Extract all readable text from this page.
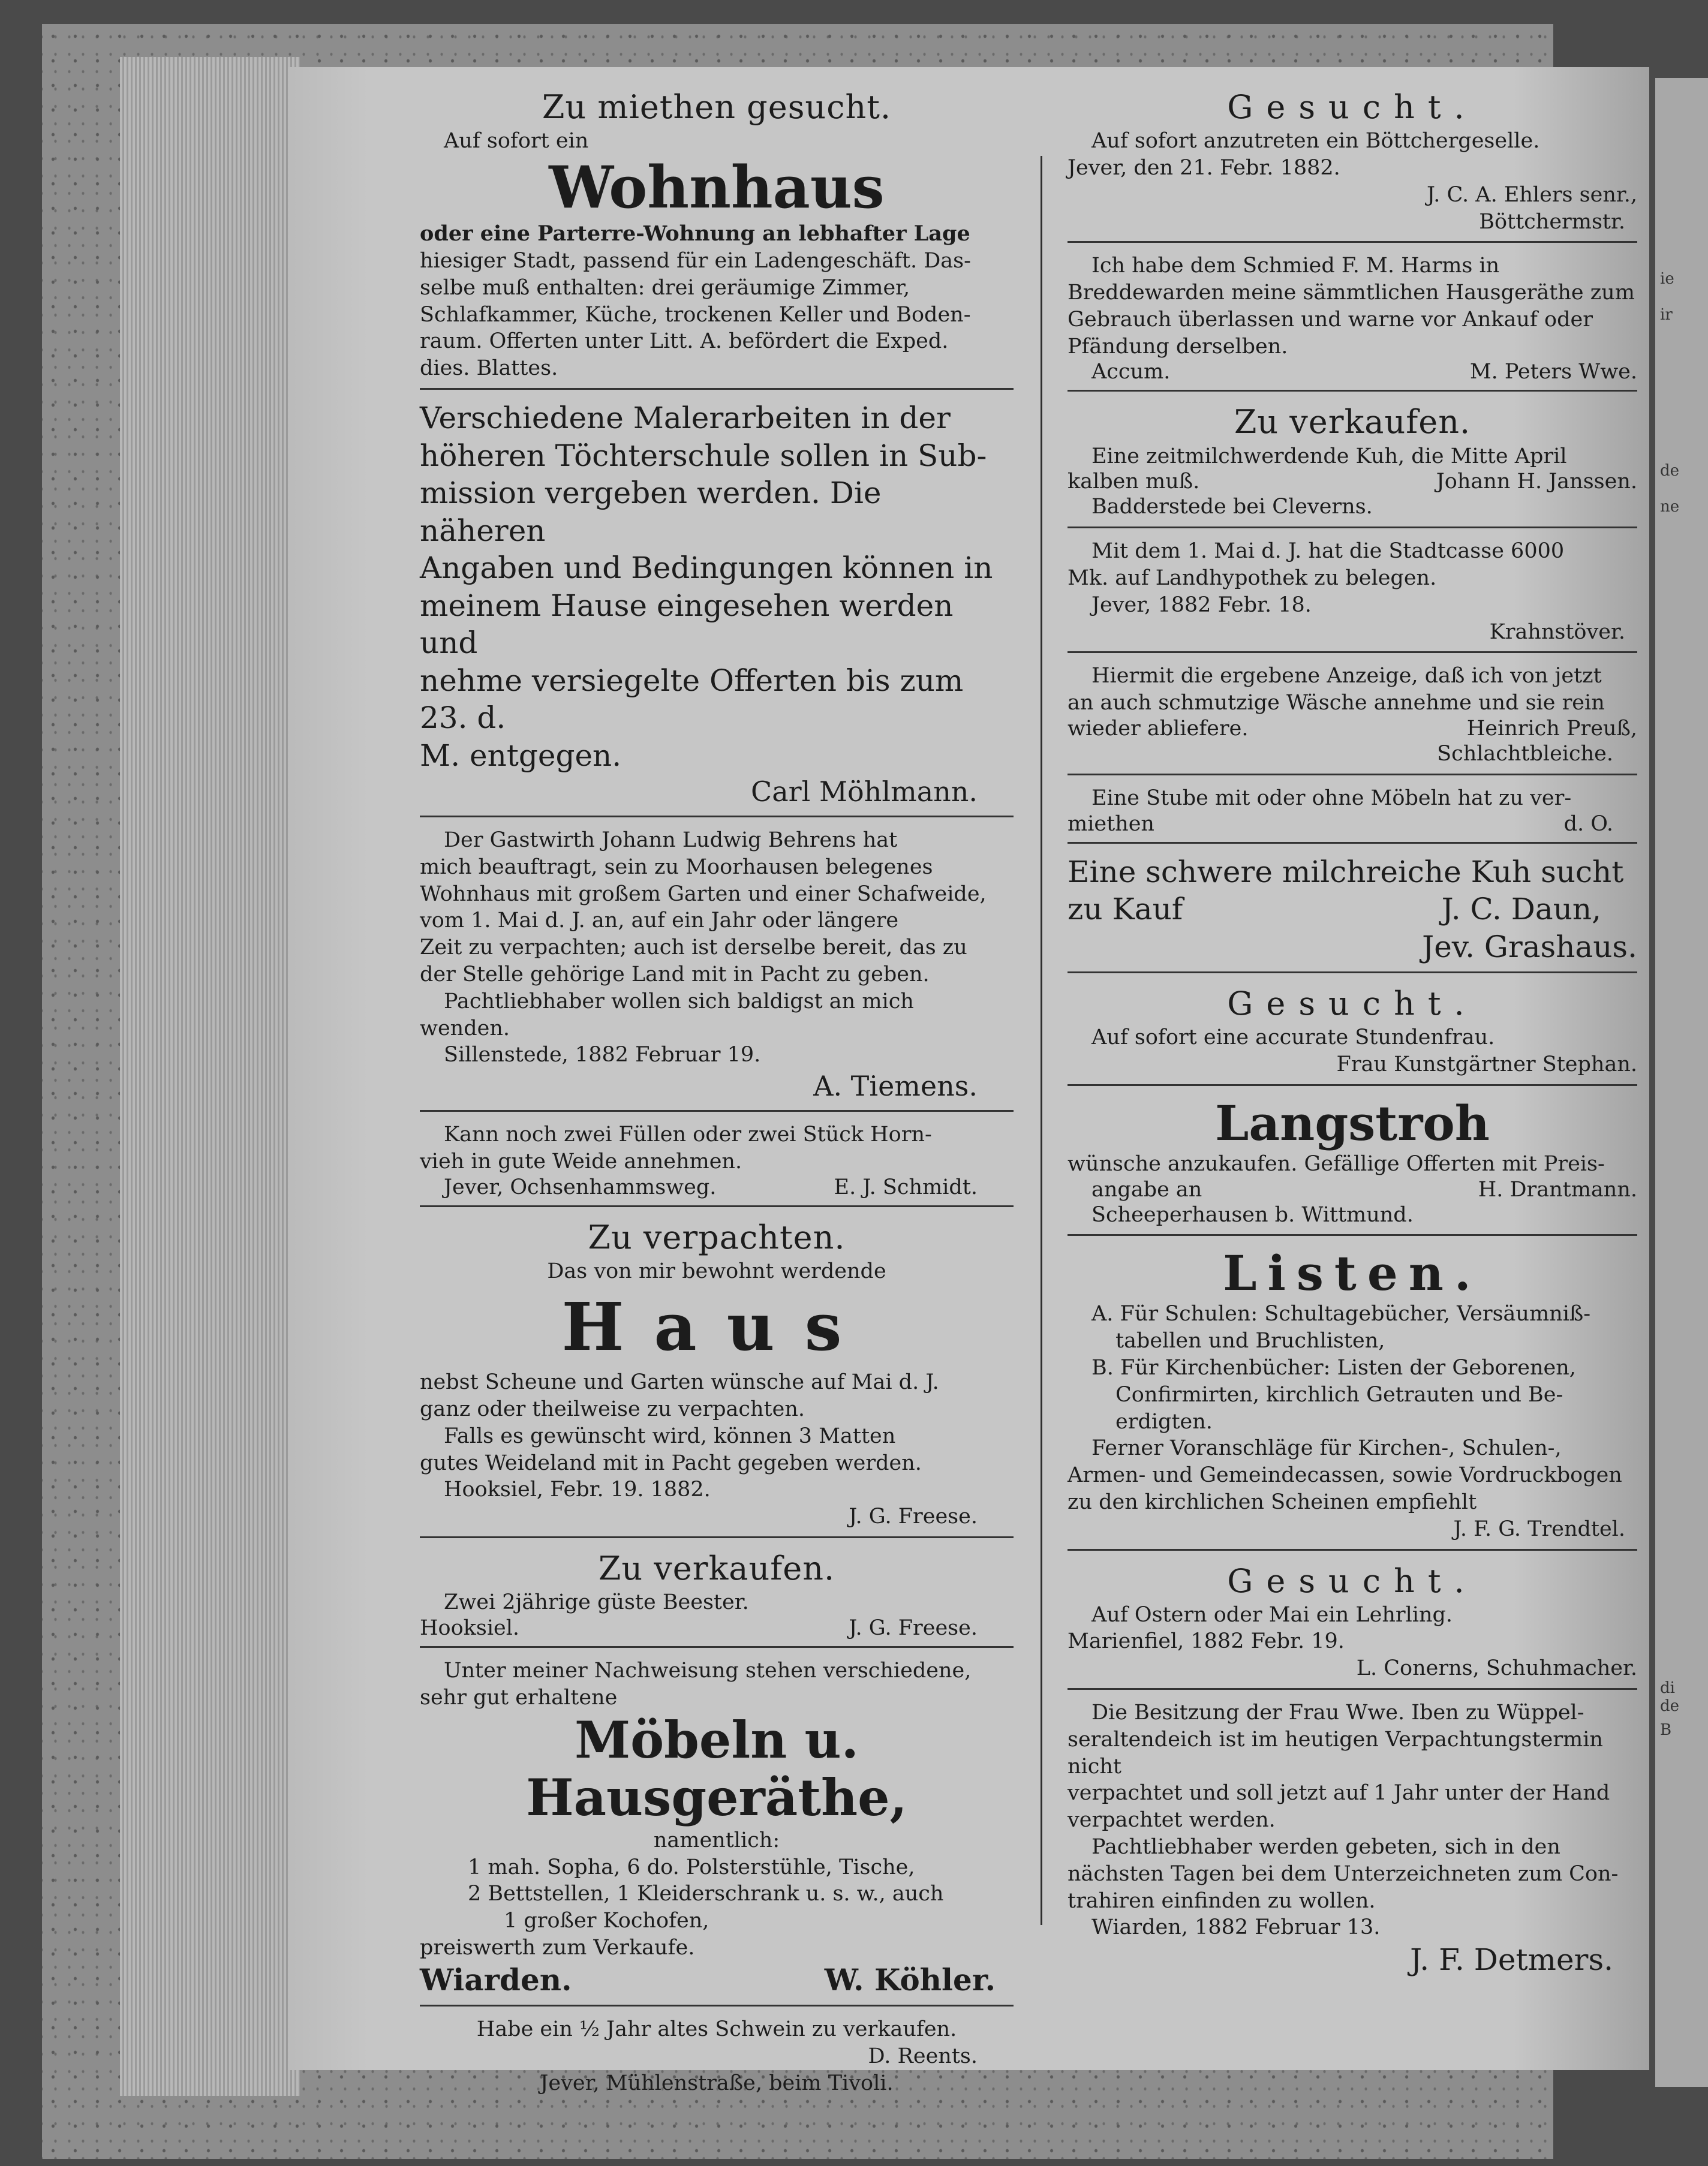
ie
ir
de
ne
di
de
B

Zu miethen gesucht.

Auf sofort ein

Wohnhaus

oder eine Parterre-Wohnung an lebhafter Lage

hiesiger Stadt, passend für ein Ladengeschäft. Das-

selbe muß enthalten: drei geräumige Zimmer,

Schlafkammer, Küche, trockenen Keller und Boden-

raum. Offerten unter Litt. A. befördert die Exped.

dies. Blattes.

Verschiedene Malerarbeiten in der

höheren Töchterschule sollen in Sub-

mission vergeben werden. Die näheren

Angaben und Bedingungen können in

meinem Hause eingesehen werden und

nehme versiegelte Offerten bis zum 23. d.

M. entgegen.

Carl Möhlmann.

Der Gastwirth Johann Ludwig Behrens hat

mich beauftragt, sein zu Moorhausen belegenes

Wohnhaus mit großem Garten und einer Schafweide,

vom 1. Mai d. J. an, auf ein Jahr oder längere

Zeit zu verpachten; auch ist derselbe bereit, das zu

der Stelle gehörige Land mit in Pacht zu geben.

Pachtliebhaber wollen sich baldigst an mich

wenden.

Sillenstede, 1882 Februar 19.

A. Tiemens.

Kann noch zwei Füllen oder zwei Stück Horn-

vieh in gute Weide annehmen.

Jever, Ochsenhammsweg.	E. J. Schmidt.

Zu verpachten.

Das von mir bewohnt werdende

Haus

nebst Scheune und Garten wünsche auf Mai d. J.

ganz oder theilweise zu verpachten.

Falls es gewünscht wird, können 3 Matten

gutes Weideland mit in Pacht gegeben werden.

Hooksiel, Febr. 19. 1882.

J. G. Freese.

Zu verkaufen.

Zwei 2jährige güste Beester.

Hooksiel.	J. G. Freese.

Unter meiner Nachweisung stehen verschiedene,

sehr gut erhaltene

Möbeln u. Hausgeräthe,

namentlich:

1 mah. Sopha, 6 do. Polsterstühle, Tische,

2 Bettstellen, 1 Kleiderschrank u. s. w., auch

1 großer Kochofen,

preiswerth zum Verkaufe.

Wiarden.	W. Köhler.

Habe ein ½ Jahr altes Schwein zu verkaufen.

D. Reents.

Jever, Mühlenstraße, beim Tivoli.

Gesucht.

Auf sofort anzutreten ein Böttchergeselle.

Jever, den 21. Febr. 1882.

J. C. A. Ehlers senr.,

Böttchermstr.

Ich habe dem Schmied F. M. Harms in

Breddewarden meine sämmtlichen Hausgeräthe zum

Gebrauch überlassen und warne vor Ankauf oder

Pfändung derselben.

Accum.	M. Peters Wwe.

Zu verkaufen.

Eine zeitmilchwerdende Kuh, die Mitte April

kalben muß.	Johann H. Janssen.

Badderstede bei Cleverns.

Mit dem 1. Mai d. J. hat die Stadtcasse 6000

Mk. auf Landhypothek zu belegen.

Jever, 1882 Febr. 18.

Krahnstöver.

Hiermit die ergebene Anzeige, daß ich von jetzt

an auch schmutzige Wäsche annehme und sie rein

wieder abliefere.	Heinrich Preuß,

Schlachtbleiche.

Eine Stube mit oder ohne Möbeln hat zu ver-

miethen	d. O.

Eine schwere milchreiche Kuh sucht

zu Kauf	J. C. Daun,

Jev. Grashaus.

Gesucht.

Auf sofort eine accurate Stundenfrau.

Frau Kunstgärtner Stephan.

Langstroh

wünsche anzukaufen. Gefällige Offerten mit Preis-

angabe an	H. Drantmann.

Scheeperhausen b. Wittmund.

Listen.

A. Für Schulen: Schultagebücher, Versäumniß-

tabellen und Bruchlisten,

B. Für Kirchenbücher: Listen der Geborenen,

Confirmirten, kirchlich Getrauten und Be-

erdigten.

Ferner Voranschläge für Kirchen-, Schulen-,

Armen- und Gemeindecassen, sowie Vordruckbogen

zu den kirchlichen Scheinen empfiehlt

J. F. G. Trendtel.

Gesucht.

Auf Ostern oder Mai ein Lehrling.

Marienfiel, 1882 Febr. 19.

L. Conerns, Schuhmacher.

Die Besitzung der Frau Wwe. Iben zu Wüppel-

seraltendeich ist im heutigen Verpachtungstermin nicht

verpachtet und soll jetzt auf 1 Jahr unter der Hand

verpachtet werden.

Pachtliebhaber werden gebeten, sich in den

nächsten Tagen bei dem Unterzeichneten zum Con-

trahiren einfinden zu wollen.

Wiarden, 1882 Februar 13.

J. F. Detmers.
